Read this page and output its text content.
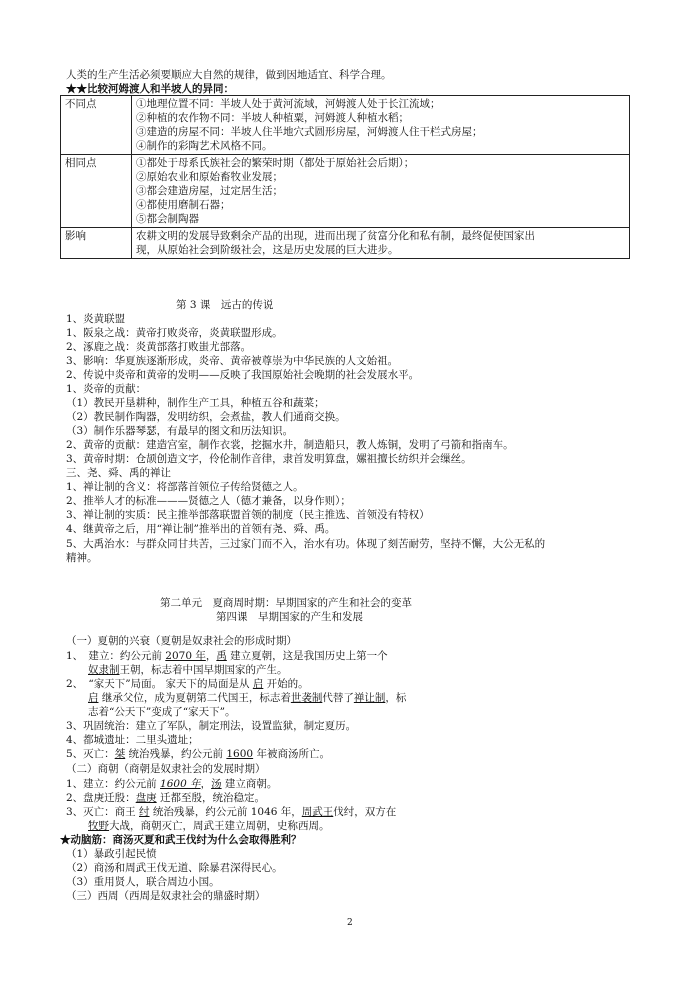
人类的生产生活必须要顺应大自然的规律，做到因地适宜、科学合理。
★★比较河姆渡人和半坡人的异同：
不同点	①地理位置不同：半坡人处于黄河流域，河姆渡人处于长江流域；
②种植的农作物不同：半坡人种植粟，河姆渡人种植水稻；
③建造的房屋不同：半坡人住半地穴式圆形房屋，河姆渡人住干栏式房屋；
④制作的彩陶艺术风格不同。

相同点	①都处于母系氏族社会的繁荣时期（都处于原始社会后期）；
②原始农业和原始畜牧业发展；
③都会建造房屋，过定居生活；
④都使用磨制石器；
⑤都会制陶器

影响	农耕文明的发展导致剩余产品的出现，进而出现了贫富分化和私有制，最终促使国家出
现，从原始社会到阶级社会，这是历史发展的巨大进步。
第 3 课　远古的传说
1、炎黄联盟
1、阪泉之战：黄帝打败炎帝，炎黄联盟形成。
2、涿鹿之战：炎黄部落打败蚩尤部落。
3、影响：华夏族逐渐形成，炎帝、黄帝被尊崇为中华民族的人文始祖。
2、传说中炎帝和黄帝的发明——反映了我国原始社会晚期的社会发展水平。
1、炎帝的贡献：
（1）教民开垦耕种，制作生产工具，种植五谷和蔬菜；
（2）教民制作陶器，发明纺织，会煮盐，教人们通商交换。
（3）制作乐器琴瑟，有最早的图文和历法知识。
2、黄帝的贡献：建造宫室，制作衣裳，挖掘水井，制造船只，教人炼铜，发明了弓箭和指南车。
3、黄帝时期：仓颉创造文字，伶伦制作音律，隶首发明算盘，嫘祖擅长纺织并会缫丝。
三、尧、舜、禹的禅让
1、禅让制的含义：将部落首领位子传给贤德之人。
2、推举人才的标准———贤德之人（德才兼备，以身作则）；
3、禅让制的实质：民主推举部落联盟首领的制度（民主推选、首领没有特权）
4、继黄帝之后，用“禅让制”推举出的首领有尧、舜、禹。
5、大禹治水：与群众同甘共苦，三过家门而不入，治水有功。体现了刻苦耐劳，坚持不懈，大公无私的
精神。
第二单元　夏商周时期：早期国家的产生和社会的变革
第四课　早期国家的产生和发展
（一）夏朝的兴衰（夏朝是奴隶社会的形成时期）
1、　建立：约公元前 2070 年，禹 建立夏朝，这是我国历史上第一个
奴隶制王朝，标志着中国早期国家的产生。
2、　“家天下”局面。 家天下的局面是从 启 开始的。
启 继承父位，成为夏朝第二代国王，标志着世袭制代替了禅让制，标
志着“公天下”变成了“家天下”。
3、巩固统治：建立了军队，制定刑法，设置监狱，制定夏历。
4、都城遗址：二里头遗址；
5、灭亡：桀 统治残暴，约公元前 1600 年被商汤所亡。
（二）商朝（商朝是奴隶社会的发展时期）
1、建立：约公元前 1600 年，汤 建立商朝。
2、盘庚迁殷：盘庚 迁都至殷，统治稳定。
3、灭亡：商王 纣 统治残暴，约公元前 1046 年，周武王伐纣，双方在
牧野大战，商朝灭亡，周武王建立周朝，史称西周。
★动脑筋：商汤灭夏和武王伐纣为什么会取得胜利？
（1）暴政引起民愤
（2）商汤和周武王伐无道、除暴君深得民心。
（3）重用贤人，联合周边小国。
（三）西周（西周是奴隶社会的鼎盛时期）
2
